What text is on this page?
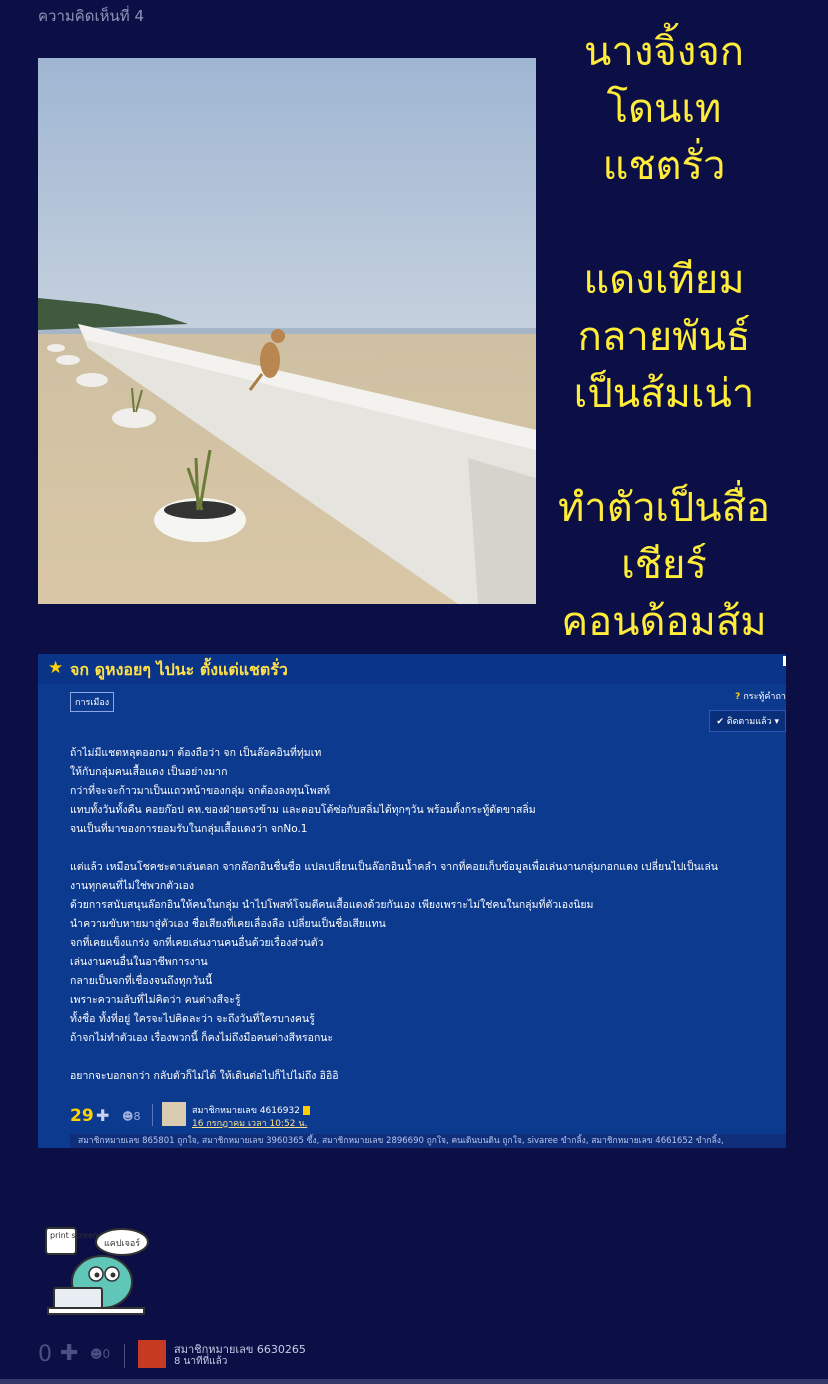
ความคิดเห็นที่ 4
นางจิ้งจก
โดนเท
แชตรั่ว
แดงเทียม
กลายพันธ์
เป็นส้มเน่า
ทำตัวเป็นสื่อ
เชียร์
คอนด้อมส้ม
★ จก ดูหงอยๆ ไปนะ ตั้งแต่แชตรั่ว
การเมือง
? กระทู้คำถา
✔ ติดตามแล้ว ▾
ถ้าไม่มีแชตหลุดออกมา ต้องถือว่า จก เป็นล๊อคอินที่ทุ่มเท
ให้กับกลุ่มคนเสื้อแดง เป็นอย่างมาก
กว่าที่จะจะก้าวมาเป็นแถวหน้าของกลุ่ม จกต้องลงทุนโพสท์
แทบทั้งวันทั้งคืน คอยก๊อป คห.ของฝ่ายตรงข้าม และตอบโต้ซ่อกับสลิ่มได้ทุกๆวัน พร้อมตั้งกระทู้ดัดขาสลิ่ม
จนเป็นที่มาของการยอมรับในกลุ่มเสื้อแดงว่า จกNo.1
แต่แล้ว เหมือนโชคชะตาเล่นตลก จากล๊อกอินชื่นชื่อ แปลเปลี่ยนเป็นล๊อกอินน้ำคลำ จากที่คอยเก็บข้อมูลเพื่อเล่นงานกลุ่มกอกแดง เปลี่ยนไปเป็นเล่น
งานทุกคนที่ไม่ใช่พวกตัวเอง
ด้วยการสนับสนุนล๊อกอินให้คนในกลุ่ม นำไปโพสท์โจมตีคนเสื้อแดงด้วยกันเอง เพียงเพราะไม่ใช่คนในกลุ่มที่ตัวเองนิยม
นำความขับหายมาสู่ตัวเอง ชื่อเสียงที่เคยเลื่องลือ เปลี่ยนเป็นชื่อเสียแทน
จกที่เคยแข็งแกร่ง จกที่เคยเล่นงานคนอื่นด้วยเรื่องส่วนตัว
เล่นงานคนอื่นในอาชีพการงาน
กลายเป็นจกที่เชื่องจนถึงทุกวันนี้
เพราะความลับที่ไม่คิดว่า คนต่างสีจะรู้
ทั้งชื่อ ทั้งที่อยู่ ใครจะไปคิดละว่า จะถึงวันที่ใครบางคนรู้
ถ้าจกไม่ทำตัวเอง เรื่องพวกนี้ ก็คงไม่ถึงมือคนต่างสีหรอกนะ
อยากจะบอกจกว่า กลับตัวก็ไม่ได้ ให้เดินต่อไปก็ไปไม่ถึง อิอิอิ
29 ✚ ☻8	สมาชิกหมายเลข 4616932
16 กรกฎาคม เวลา 10:52 น.
สมาชิกหมายเลข 865801 ถูกใจ, สมาชิกหมายเลข 3960365 ซึ้ง, สมาชิกหมายเลข 2896690 ถูกใจ, คนเดินบนดิน ถูกใจ, sivaree ขำกลิ้ง, สมาชิกหมายเลข 4661652 ขำกลิ้ง,
print screen
แคปเจอร์
0 ✚ ☻0	สมาชิกหมายเลข 6630265
8 นาทีที่แล้ว
